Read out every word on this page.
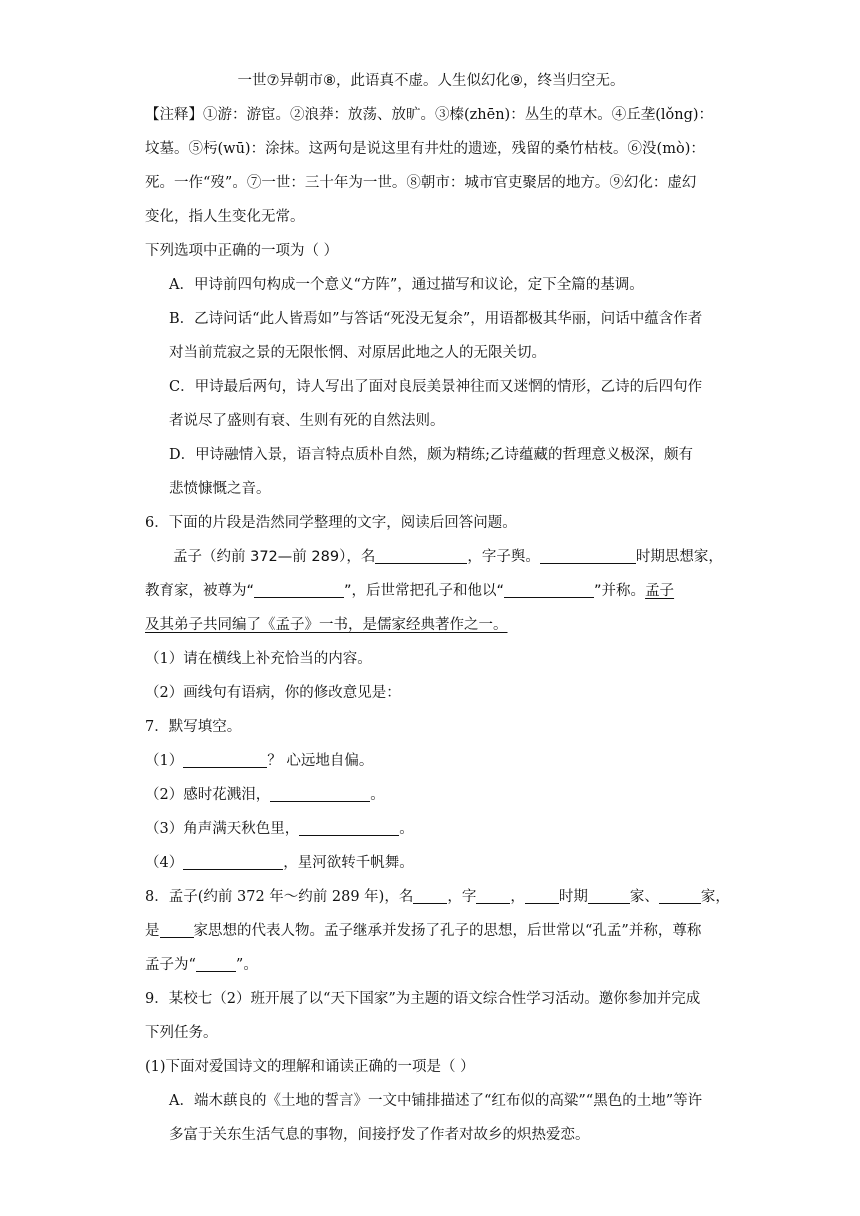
一世⑦异朝市⑧，此语真不虚。人生似幻化⑨，终当归空无。
【注释】①游：游宦。②浪莽：放荡、放旷。③榛(zhēn)：丛生的草木。④丘垄(lǒng)：
坟墓。⑤杇(wū)：涂抹。这两句是说这里有井灶的遗迹，残留的桑竹枯枝。⑥没(mò)：
死。一作“歿”。⑦一世：三十年为一世。⑧朝市：城市官吏聚居的地方。⑨幻化：虚幻
变化，指人生变化无常。
下列选项中正确的一项为（ ）
A．甲诗前四句构成一个意义“方阵”，通过描写和议论，定下全篇的基调。
B．乙诗问话“此人皆焉如”与答话“死没无复余”，用语都极其华丽，问话中蕴含作者
对当前荒寂之景的无限怅惘、对原居此地之人的无限关切。
C．甲诗最后两句，诗人写出了面对良辰美景神往而又迷惘的情形，乙诗的后四句作
者说尽了盛则有衰、生则有死的自然法则。
D．甲诗融情入景，语言特点质朴自然，颇为精练;乙诗蕴藏的哲理意义极深，颇有
悲愤慷慨之音。
6．下面的片段是浩然同学整理的文字，阅读后回答问题。
孟子（约前 372—前 289），名	，字子舆。	时期思想家，
教育家，被尊为“	”，后世常把孔子和他以“	”并称。孟子
及其弟子共同编了《孟子》一书，是儒家经典著作之一。
（1）请在横线上补充恰当的内容。
（2）画线句有语病，你的修改意见是：
7．默写填空。
（1）	？ 心远地自偏。
（2）感时花溅泪，	。
（3）角声满天秋色里，	。
（4）	，星河欲转千帆舞。
8．孟子(约前 372 年～约前 289 年)，名 ，字 ， 时期	家、	家，
是 家思想的代表人物。孟子继承并发扬了孔子的思想，后世常以“孔孟”并称，尊称
孟子为“	”。
9．某校七（2）班开展了以“天下国家”为主题的语文综合性学习活动。邀你参加并完成
下列任务。
(1)下面对爱国诗文的理解和诵读正确的一项是（ ）
A．端木蕻良的《土地的誓言》一文中铺排描述了“红布似的高粱”“黑色的土地”等许
多富于关东生活气息的事物，间接抒发了作者对故乡的炽热爱恋。
